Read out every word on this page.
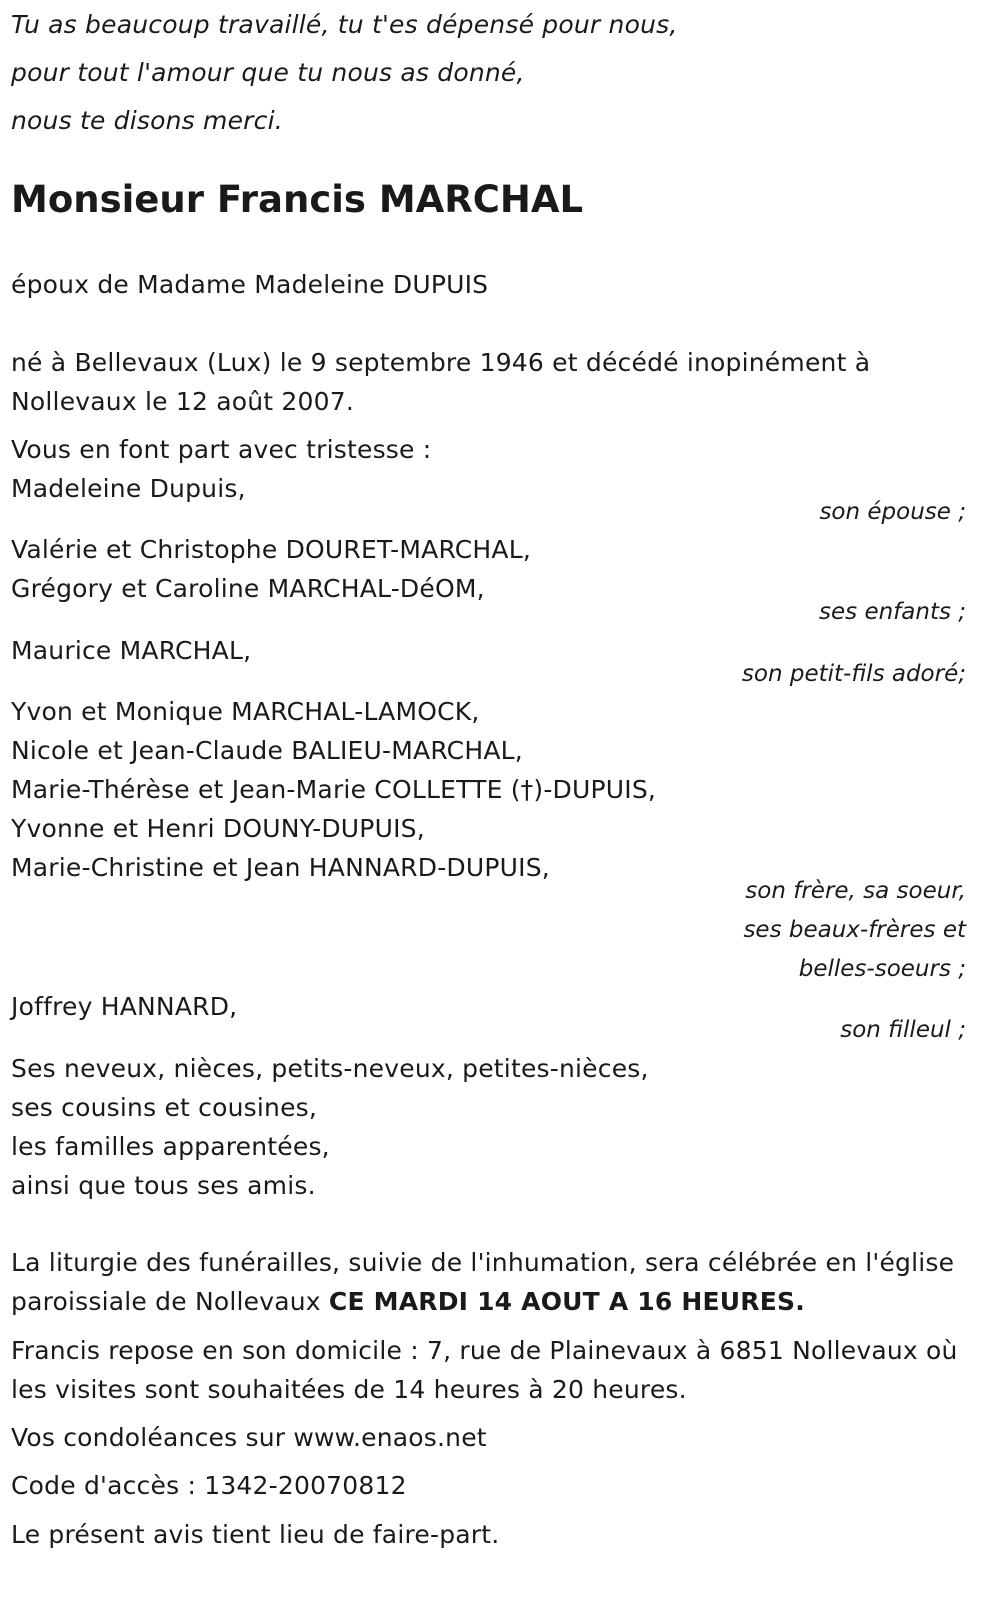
Tu as beaucoup travaillé, tu t'es dépensé pour nous,
pour tout l'amour que tu nous as donné,
nous te disons merci.
Monsieur Francis MARCHAL
époux de Madame Madeleine DUPUIS
né à Bellevaux (Lux) le 9 septembre 1946 et décédé inopinément à
Nollevaux le 12 août 2007.
Vous en font part avec tristesse :
Madeleine Dupuis,
son épouse ;
Valérie et Christophe DOURET-MARCHAL,
Grégory et Caroline MARCHAL-DéOM,
ses enfants ;
Maurice MARCHAL,
son petit-fils adoré;
Yvon et Monique MARCHAL-LAMOCK,
Nicole et Jean-Claude BALIEU-MARCHAL,
Marie-Thérèse et Jean-Marie COLLETTE (†)-DUPUIS,
Yvonne et Henri DOUNY-DUPUIS,
Marie-Christine et Jean HANNARD-DUPUIS,
son frère, sa soeur,
ses beaux-frères et
belles-soeurs ;
Joffrey HANNARD,
son filleul ;
Ses neveux, nièces, petits-neveux, petites-nièces,
ses cousins et cousines,
les familles apparentées,
ainsi que tous ses amis.
La liturgie des funérailles, suivie de l'inhumation, sera célébrée en l'église
paroissiale de Nollevaux CE MARDI 14 AOUT A 16 HEURES.
Francis repose en son domicile : 7, rue de Plainevaux à 6851 Nollevaux où
les visites sont souhaitées de 14 heures à 20 heures.
Vos condoléances sur www.enaos.net
Code d'accès : 1342-20070812
Le présent avis tient lieu de faire-part.
